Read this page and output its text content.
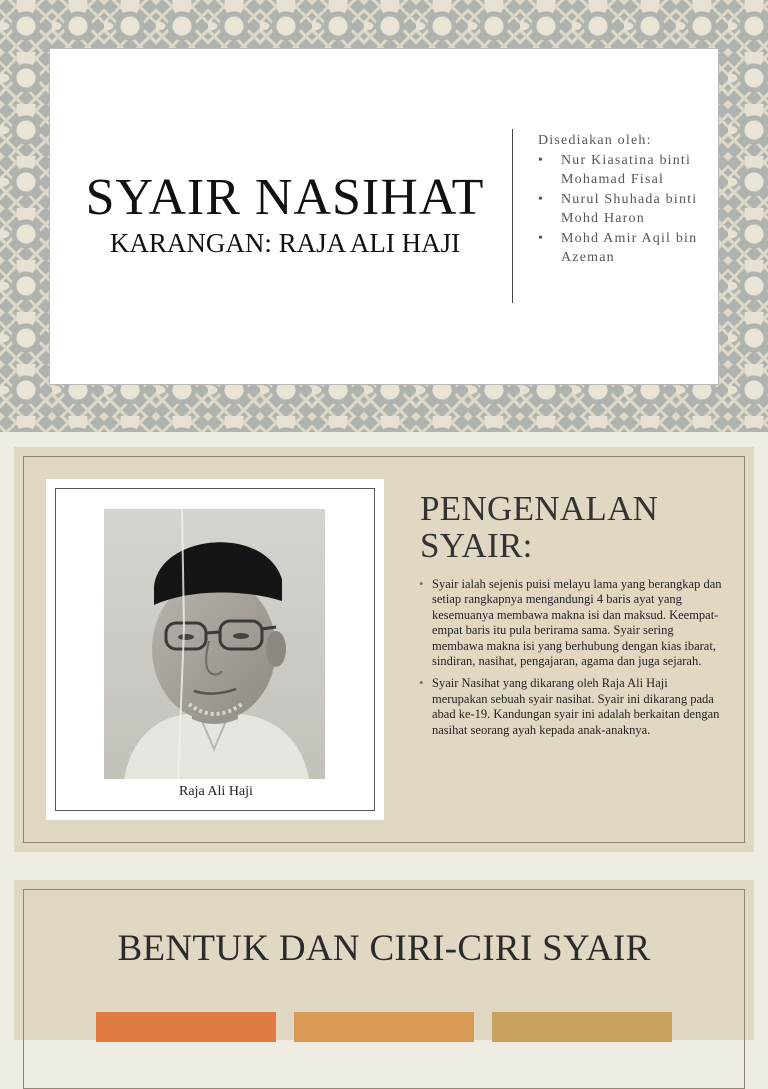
SYAIR NASIHAT
KARANGAN: RAJA ALI HAJI
Disediakan oleh:
• Nur Kiasatina binti Mohamad Fisal
• Nurul Shuhada binti Mohd Haron
• Mohd Amir Aqil bin Azeman
Raja Ali Haji
PENGENALAN SYAIR:
• Syair ialah sejenis puisi melayu lama yang berangkap dan setiap rangkapnya mengandungi 4 baris ayat yang kesemuanya membawa makna isi dan maksud. Keempat-empat baris itu pula berirama sama. Syair sering membawa makna isi yang berhubung dengan kias ibarat, sindiran, nasihat, pengajaran, agama dan juga sejarah.
• Syair Nasihat yang dikarang oleh Raja Ali Haji merupakan sebuah syair nasihat. Syair ini dikarang pada abad ke-19. Kandungan syair ini adalah berkaitan dengan nasihat seorang ayah kepada anak-anaknya.
BENTUK DAN CIRI-CIRI SYAIR
